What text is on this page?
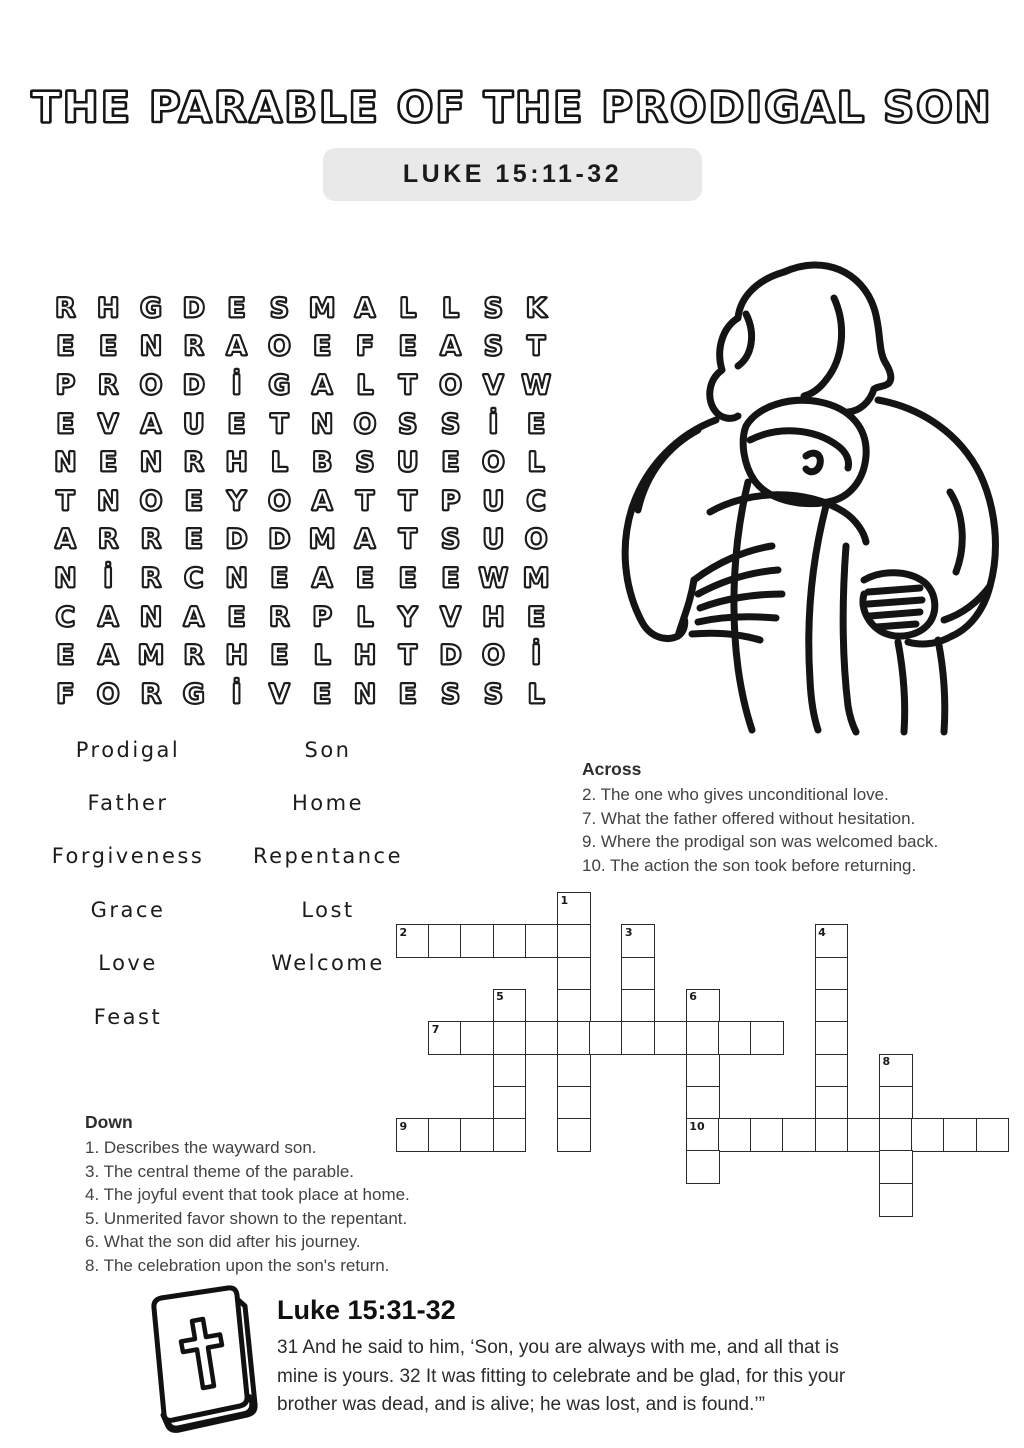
THE PARABLE OF THE PRODIGAL SON
LUKE 15:11-32
R H G D E S M A L L S K
E E N R A O E F E A S T
P R O D İ G A L T O V W
E V A U E T N O S S	İ	E
N E N R H L B S U E O L
T N O E Y O A T T P U C
A R R E D D M A T S U O
N İ	R C N E A E E E W M
C A N A E R P L Y V H E
E A M R H E L H T D O İ
F O R G İ	V E N E S S L
Prodigal
Father
Forgiveness
Grace
Love
Feast
Son
Home
Repentance
Lost
Welcome
Across
2. The one who gives unconditional love.
7. What the father offered without hesitation.
9. Where the prodigal son was welcomed back.
10. The action the son took before returning.
1
2	3	4
5	6
7
8
9	10
Down
1. Describes the wayward son.
3. The central theme of the parable.
4. The joyful event that took place at home.
5. Unmerited favor shown to the repentant.
6. What the son did after his journey.
8. The celebration upon the son's return.
Luke 15:31-32
31 And he said to him, ‘Son, you are always with me, and all that is
mine is yours. 32 It was fitting to celebrate and be glad, for this your
brother was dead, and is alive; he was lost, and is found.’”
